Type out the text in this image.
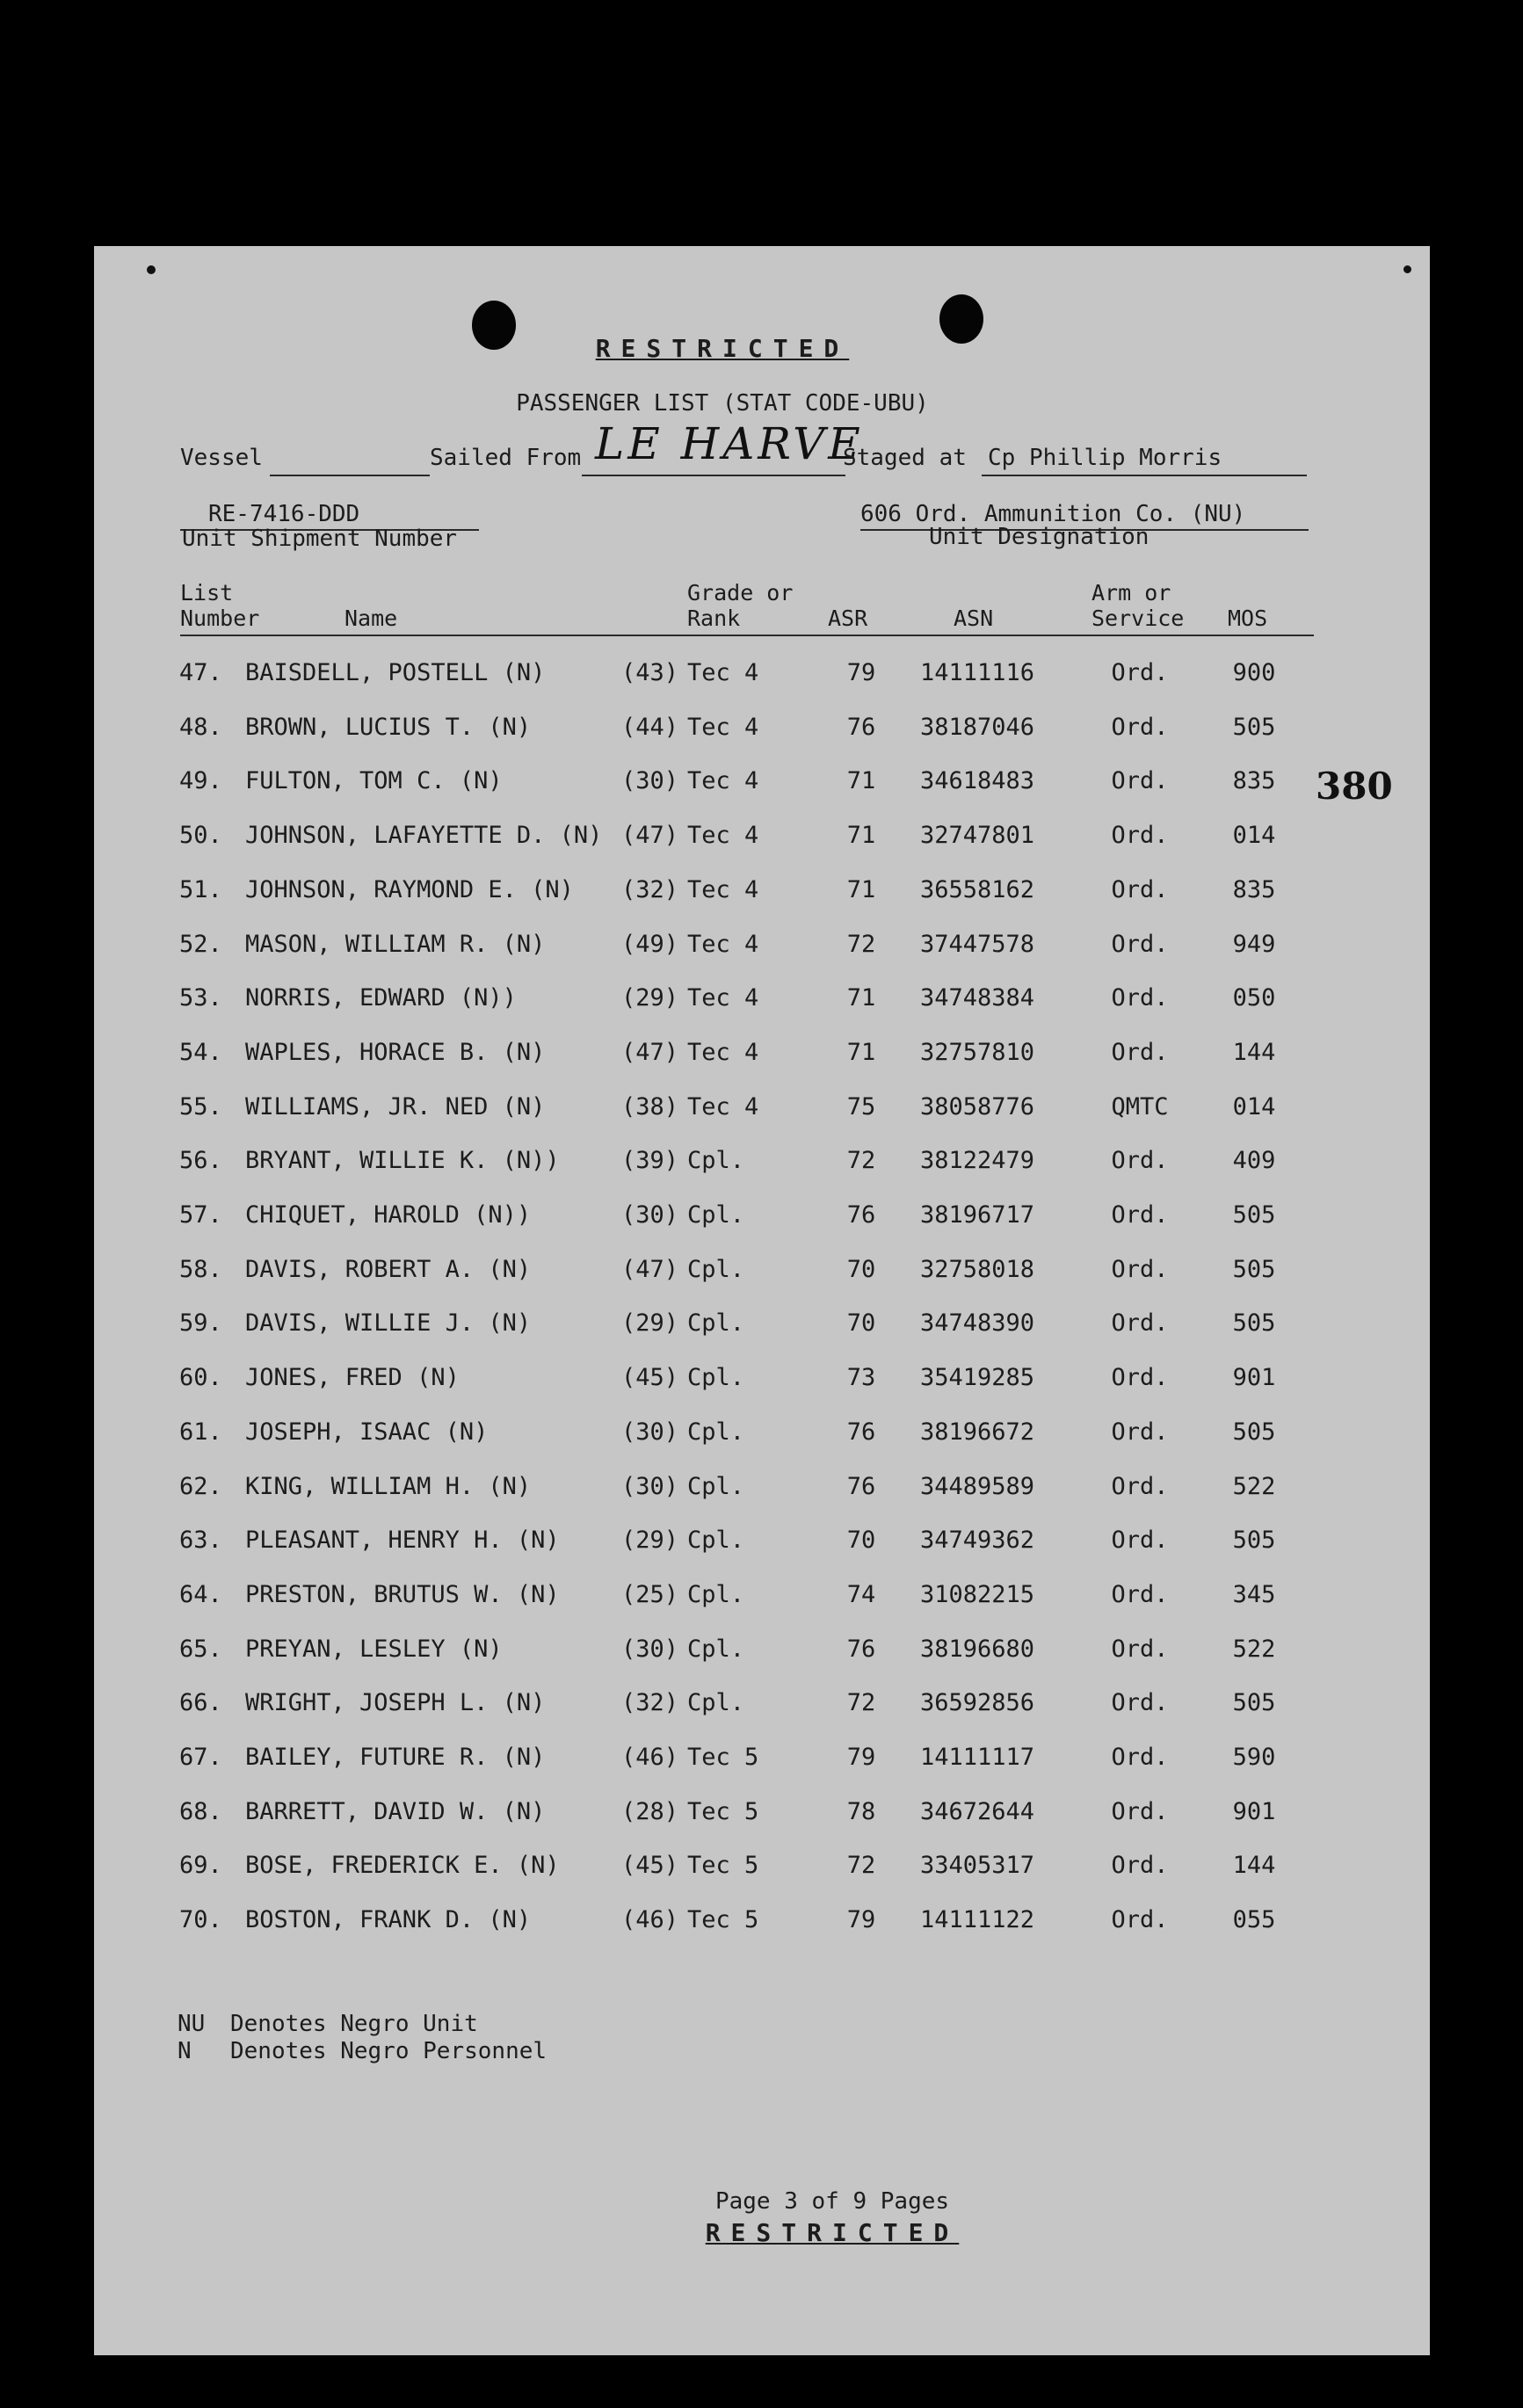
RESTRICTED
PASSENGER LIST (STAT CODE-UBU)
Vessel	Sailed From LE HARVE
Staged at Cp Phillip Morris
RE-7416-DDD
Unit Shipment Number
606 Ord. Ammunition Co. (NU)
Unit Designation
380
List
Number	Name
Grade or
Rank	ASR	ASN
Arm or
Service MOS
47. BAISDELL, POSTELL (N)	(43) Tec 4	79	14111116	Ord.	900
48. BROWN, LUCIUS T. (N)	(44) Tec 4	76	38187046	Ord.	505
49. FULTON, TOM C. (N)	(30) Tec 4	71	34618483	Ord.	835
50. JOHNSON, LAFAYETTE D. (N) (47) Tec 4	71	32747801	Ord.	014
51. JOHNSON, RAYMOND E. (N) (32) Tec 4	71	36558162	Ord.	835
52. MASON, WILLIAM R. (N)	(49) Tec 4	72	37447578	Ord.	949
53. NORRIS, EDWARD (N))	(29) Tec 4	71	34748384	Ord.	050
54. WAPLES, HORACE B. (N)	(47) Tec 4	71	32757810	Ord.	144
55. WILLIAMS, JR. NED (N)	(38) Tec 4	75	38058776	QMTC	014
56. BRYANT, WILLIE K. (N))	(39) Cpl.	72	38122479	Ord.	409
57. CHIQUET, HAROLD (N))	(30) Cpl.	76	38196717	Ord.	505
58. DAVIS, ROBERT A. (N)	(47) Cpl.	70	32758018	Ord.	505
59. DAVIS, WILLIE J. (N)	(29) Cpl.	70	34748390	Ord.	505
60. JONES, FRED (N)	(45) Cpl.	73	35419285	Ord.	901
61. JOSEPH, ISAAC (N)	(30) Cpl.	76	38196672	Ord.	505
62. KING, WILLIAM H. (N)	(30) Cpl.	76	34489589	Ord.	522
63. PLEASANT, HENRY H. (N)	(29) Cpl.	70	34749362	Ord.	505
64. PRESTON, BRUTUS W. (N)	(25) Cpl.	74	31082215	Ord.	345
65. PREYAN, LESLEY (N)	(30) Cpl.	76	38196680	Ord.	522
66. WRIGHT, JOSEPH L. (N)	(32) Cpl.	72	36592856	Ord.	505
67. BAILEY, FUTURE R. (N)	(46) Tec 5	79	14111117	Ord.	590
68. BARRETT, DAVID W. (N)	(28) Tec 5	78	34672644	Ord.	901
69. BOSE, FREDERICK E. (N)	(45) Tec 5	72	33405317	Ord.	144
70. BOSTON, FRANK D. (N)	(46) Tec 5	79	14111122	Ord.	055
NU Denotes Negro Unit
N Denotes Negro Personnel
Page 3 of 9 Pages
RESTRICTED
